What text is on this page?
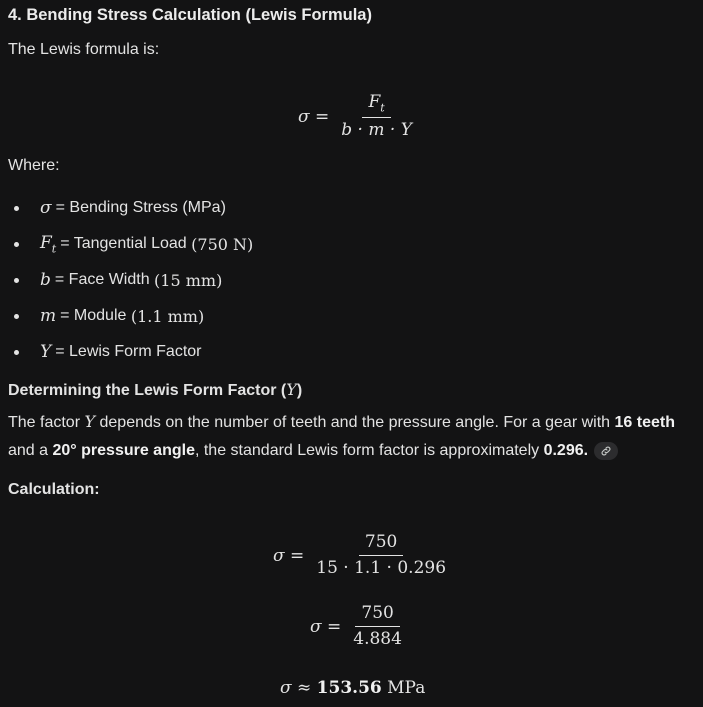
4. Bending Stress Calculation (Lewis Formula)
The Lewis formula is:
$\sigma = \frac{F_t}{b \cdot m \cdot Y}$
Where:
σ = Bending Stress (MPa)
$F_t$ = Tangential Load
(750 N)
b = Face Width
(15 mm)
m = Module
(1.1 mm)
Y = Lewis Form Factor
Determining the Lewis Form Factor (Y)
The factor Y depends on the number of teeth and the pressure angle. For a gear with 16 teeth and a 20° pressure angle, the standard Lewis form factor is approximately 0.296.
Calculation:
$\sigma = \frac{750}{15 \cdot 1.1 \cdot 0.296}$
$\sigma = \frac{750}{4.884}$
σ ≈ 153.56 MPa
